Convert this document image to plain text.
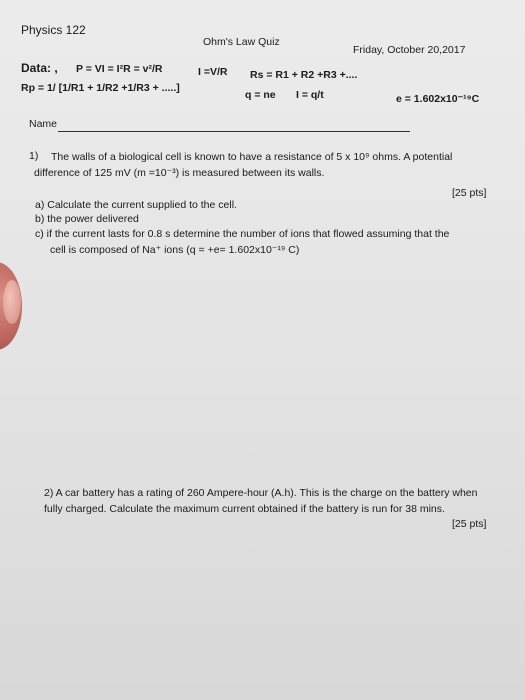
Physics 122
Ohm's Law Quiz
Friday, October 20,2017
Data: , P = VI = I²R = v²/R	I =V/R Rs = R1 + R2 +R3 +....
Rp = 1/ [1/R1 + 1/R2 +1/R3 + .....]
q = ne I = q/t	e = 1.602x10⁻¹⁹C
Name
1) The walls of a biological cell is known to have a resistance of 5 x 10⁹ ohms. A potential
difference of 125 mV (m =10⁻³) is measured between its walls.
[25 pts]
a) Calculate the current supplied to the cell.
b) the power delivered
c) if the current lasts for 0.8 s determine the number of ions that flowed assuming that the
cell is composed of Na⁺ ions (q = +e= 1.602x10⁻¹⁹ C)
2) A car battery has a rating of 260 Ampere-hour (A.h). This is the charge on the battery when
fully charged. Calculate the maximum current obtained if the battery is run for 38 mins.
[25 pts]
